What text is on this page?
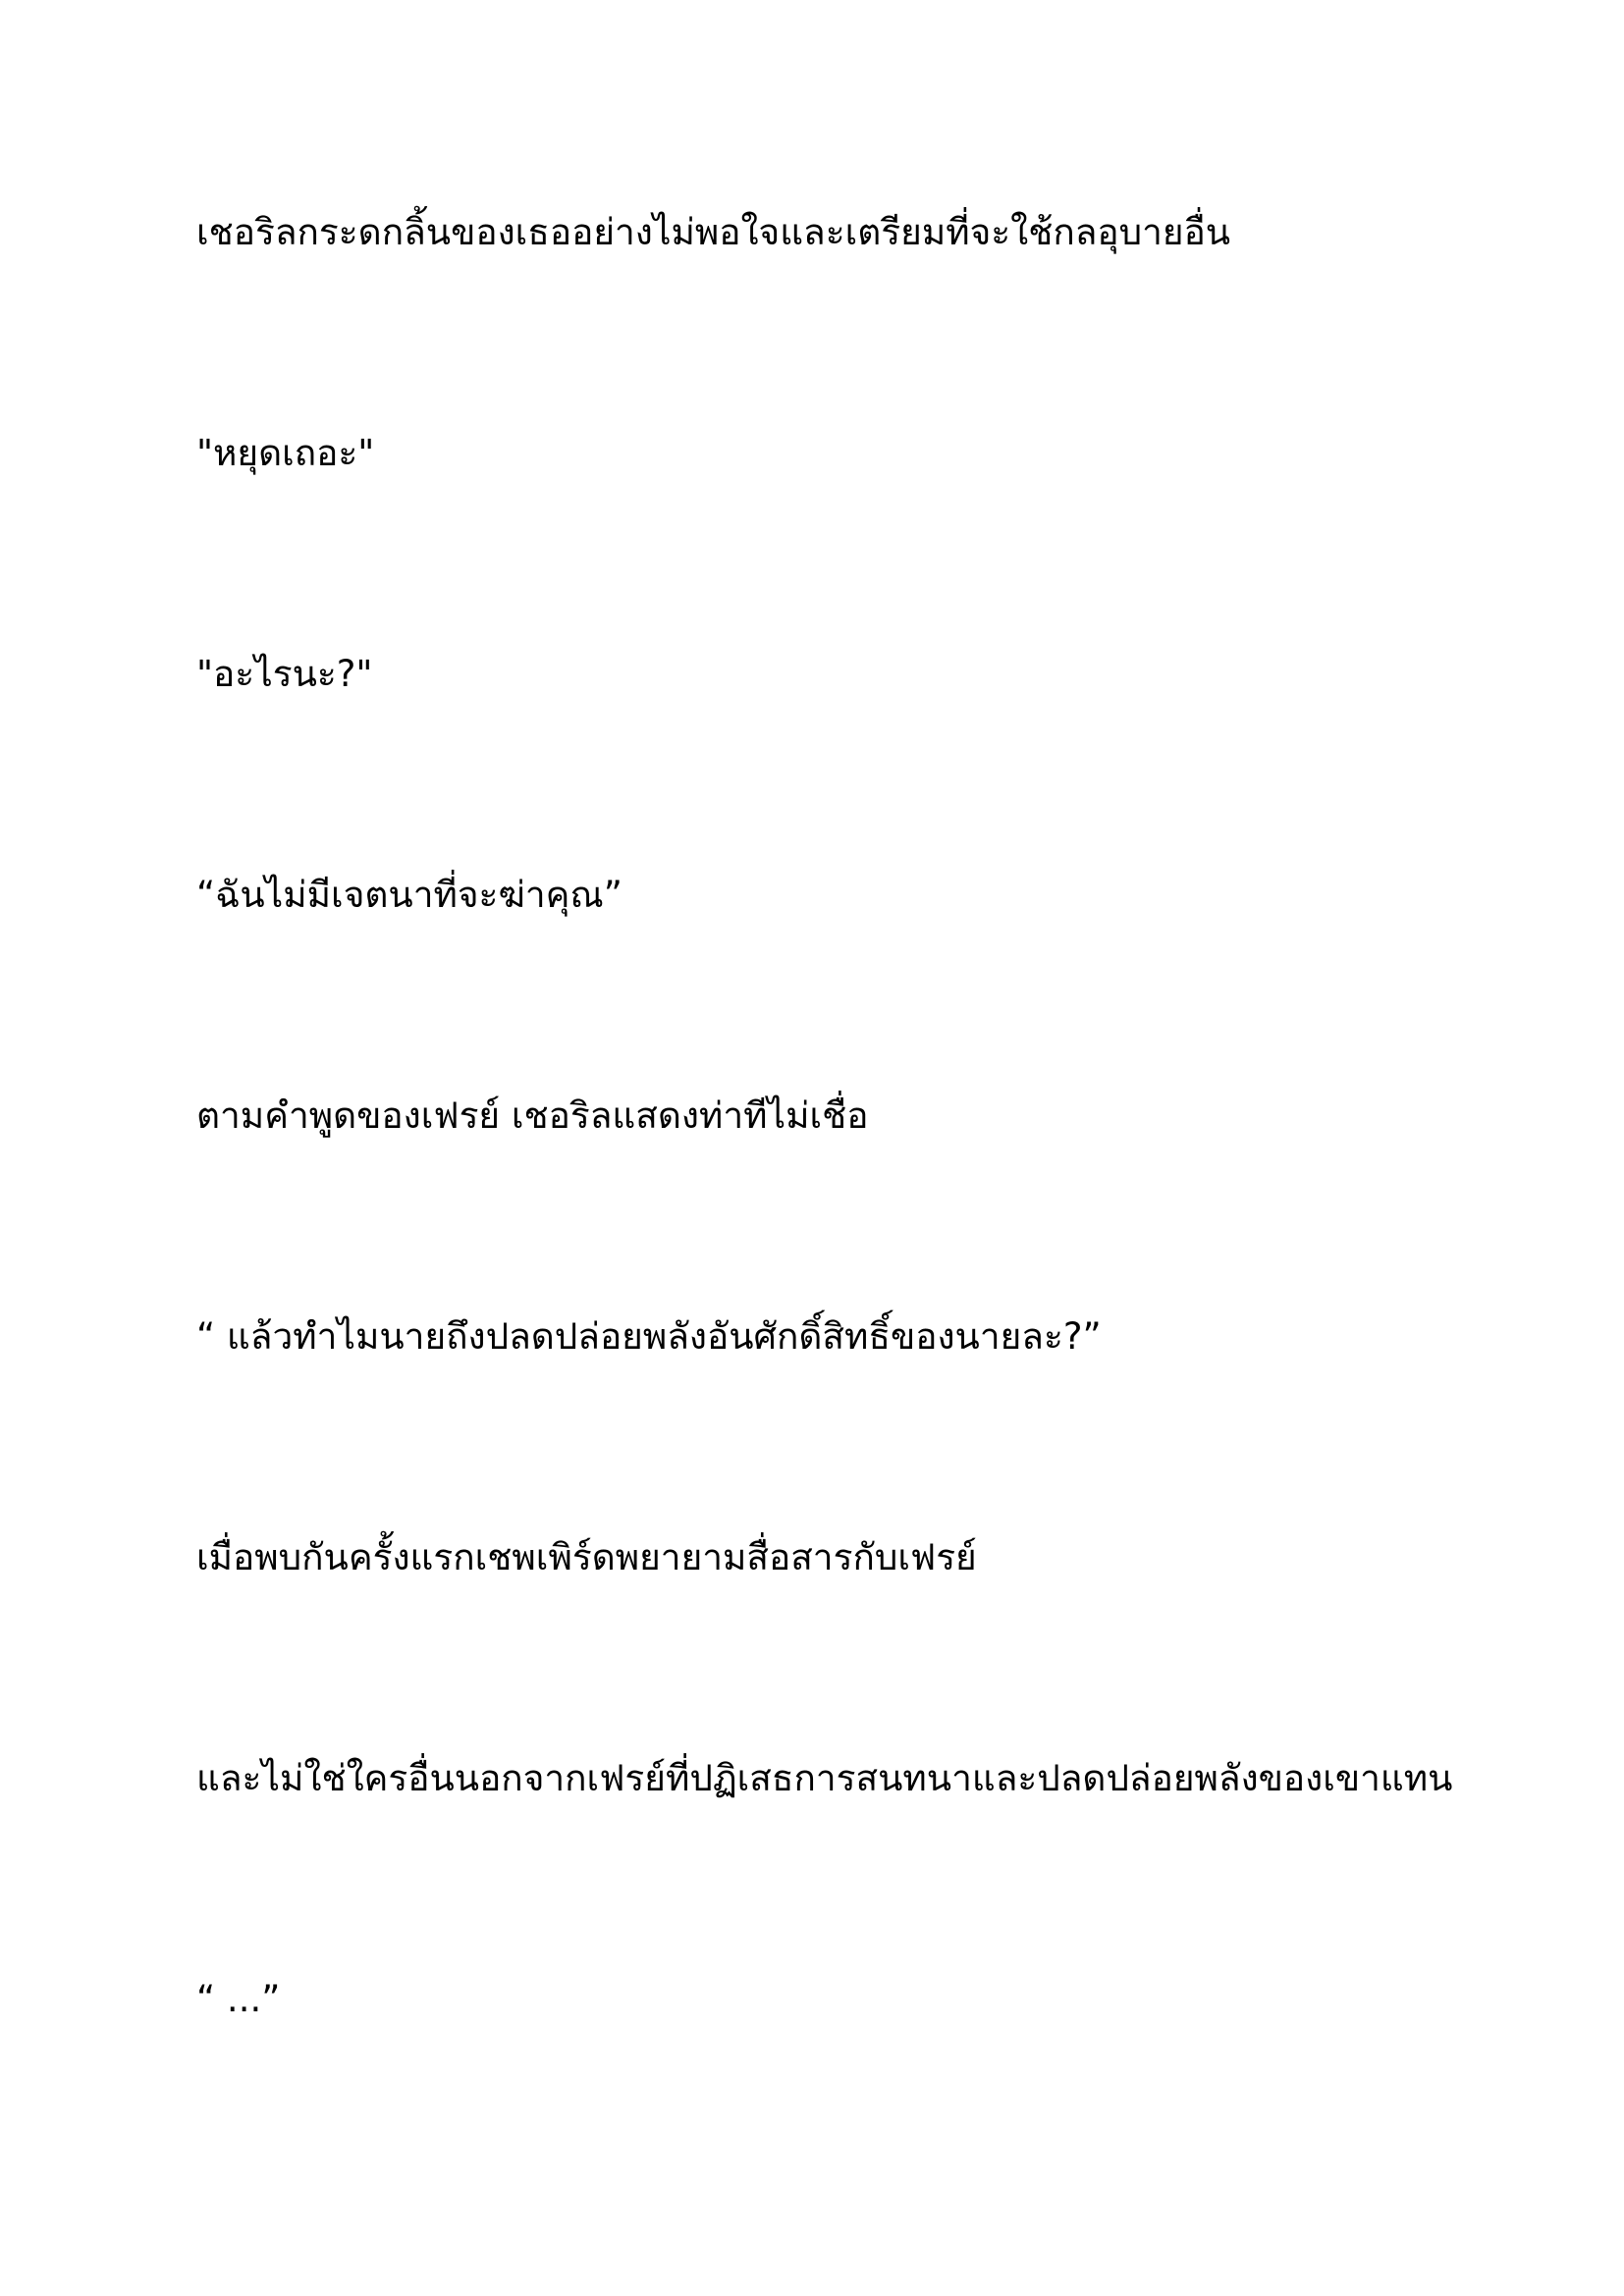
เชอริลกระดกลิ้นของเธออย่างไม่พอใจและเตรียมที่จะใช้กลอุบายอื่น

"หยุดเถอะ"

"อะไรนะ?"

“ฉันไม่มีเจตนาที่จะฆ่าคุณ”

ตามคำพูดของเฟรย์ เชอริลแสดงท่าทีไม่เชื่อ

“ แล้วทำไมนายถึงปลดปล่อยพลังอันศักดิ์สิทธิ์ของนายละ?”

เมื่อพบกันครั้งแรกเชพเพิร์ดพยายามสื่อสารกับเฟรย์

และไม่ใช่ใครอื่นนอกจากเฟรย์ที่ปฏิเสธการสนทนาและปลดปล่อยพลังของเขาแทน

“ ...”
